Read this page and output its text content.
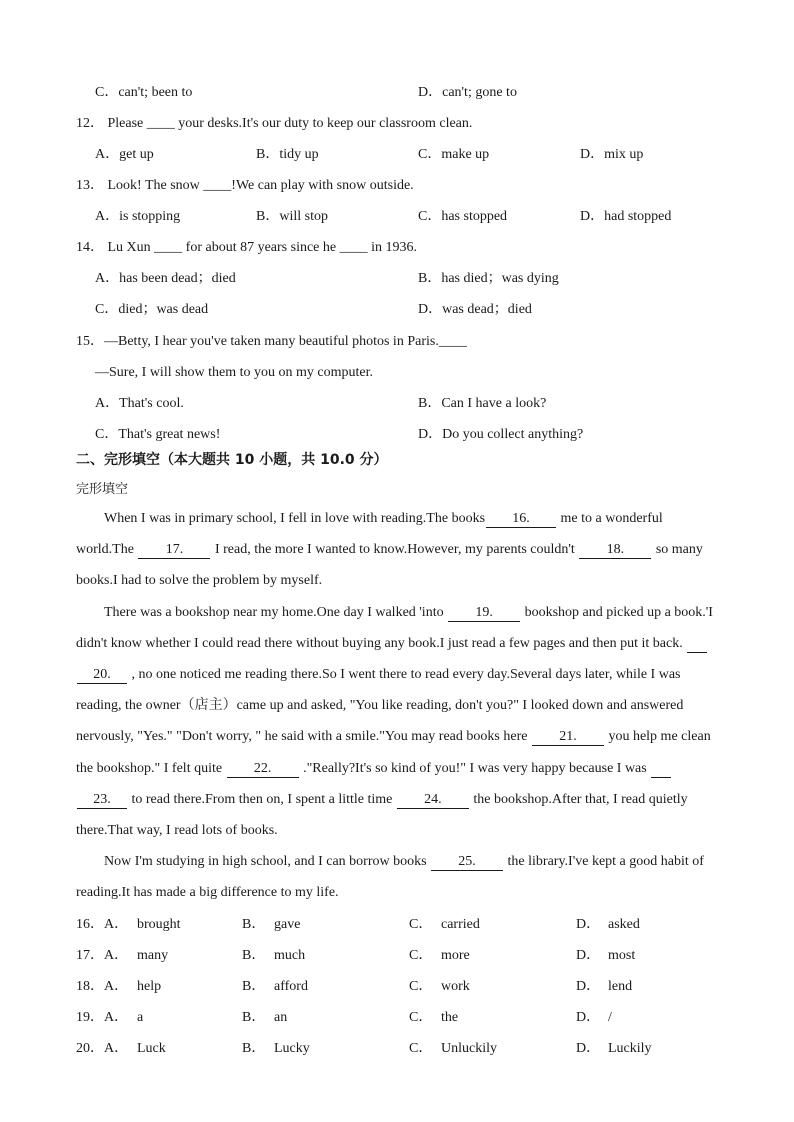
C．can't; been to	D．can't; gone to
12． Please ____ your desks.It's our duty to keep our classroom clean.
A．get up	B．tidy up	C．make up	D．mix up
13． Look! The snow ____!We can play with snow outside.
A．is stopping	B．will stop	C．has stopped	D．had stopped
14． Lu Xun ____ for about 87 years since he ____ in 1936.
A．has been dead；died	B．has died；was dying
C．died；was dead	D．was dead；died
15．—Betty, I hear you've taken many beautiful photos in Paris.____
—Sure, I will show them to you on my computer.
A．That's cool.	B．Can I have a look?
C．That's great news!	D．Do you collect anything?
二、完形填空（本大题共 10 小题，共 10.0 分）
完形填空
When I was in primary school, I fell in love with reading.The books 16. me to a wonderful
world.The 17. I read, the more I wanted to know.However, my parents couldn't 18. so many
books.I had to solve the problem by myself.
There was a bookshop near my home.One day I walked 'into 19. bookshop and picked up a book.'I
didn't know whether I could read there without buying any book.I just read a few pages and then put it back.
20. , no one noticed me reading there.So I went there to read every day.Several days later, while I was
reading, the owner（店主）came up and asked, "You like reading, don't you?" I looked down and answered
nervously, "Yes." "Don't worry, " he said with a smile."You may read books here 21. you help me clean
the bookshop." I felt quite 22. ."Really?It's so kind of you!" I was very happy because I was
23. to read there.From then on, I spent a little time 24. the bookshop.After that, I read quietly
there.That way, I read lots of books.
Now I'm studying in high school, and I can borrow books 25. the library.I've kept a good habit of
reading.It has made a big difference to my life.
16． A． brought	B． gave	C． carried	D． asked
17． A． many	B． much	C． more	D． most
18． A． help	B． afford	C． work	D． lend
19． A． a	B． an	C． the	D． /
20． A． Luck	B． Lucky	C． Unluckily	D． Luckily
